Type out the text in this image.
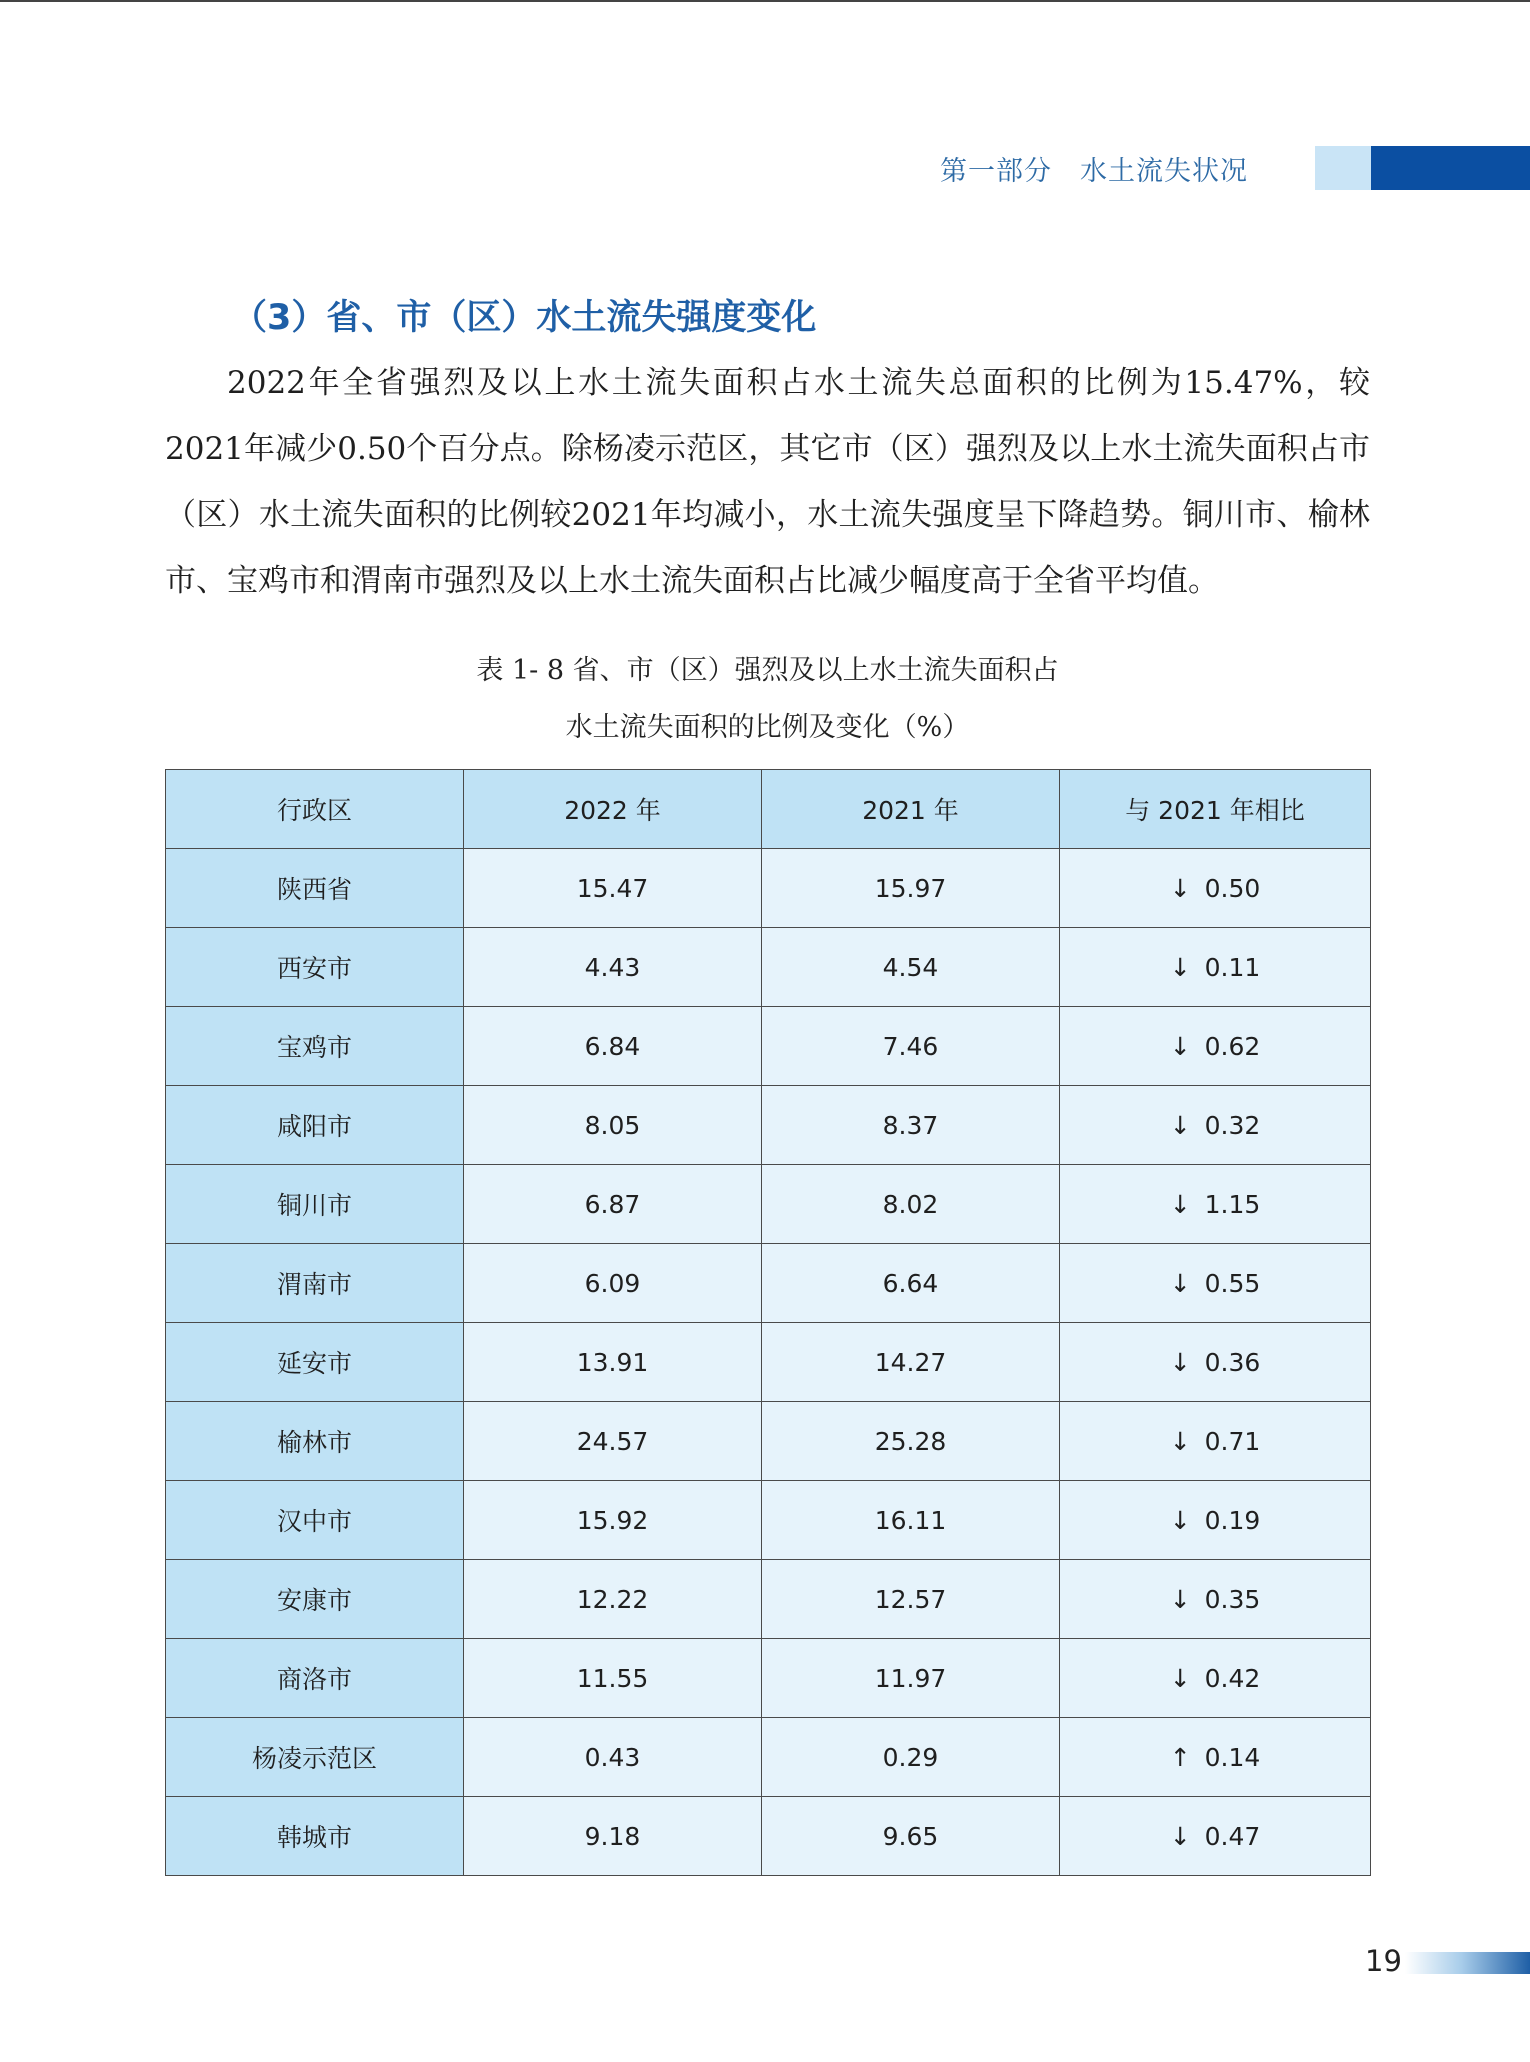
第一部分 水土流失状况
（3）省、市（区）水土流失强度变化

2022年全省强烈及以上水土流失面积占水土流失总面积的比例为15.47%，较2021年减少0.50个百分点。除杨凌示范区，其它市（区）强烈及以上水土流失面积占市（区）水土流失面积的比例较2021年均减小，水土流失强度呈下降趋势。铜川市、榆林市、宝鸡市和渭南市强烈及以上水土流失面积占比减少幅度高于全省平均值。

表 1- 8 省、市（区）强烈及以上水土流失面积占

水土流失面积的比例及变化（%）

行政区	2022 年	2021 年	与 2021 年相比
陕西省	15.47	15.97	↓ 0.50
西安市	4.43	4.54	↓ 0.11
宝鸡市	6.84	7.46	↓ 0.62
咸阳市	8.05	8.37	↓ 0.32
铜川市	6.87	8.02	↓ 1.15
渭南市	6.09	6.64	↓ 0.55
延安市	13.91	14.27	↓ 0.36
榆林市	24.57	25.28	↓ 0.71
汉中市	15.92	16.11	↓ 0.19
安康市	12.22	12.57	↓ 0.35
商洛市	11.55	11.97	↓ 0.42
杨凌示范区	0.43	0.29	↑ 0.14
韩城市	9.18	9.65	↓ 0.47
19
